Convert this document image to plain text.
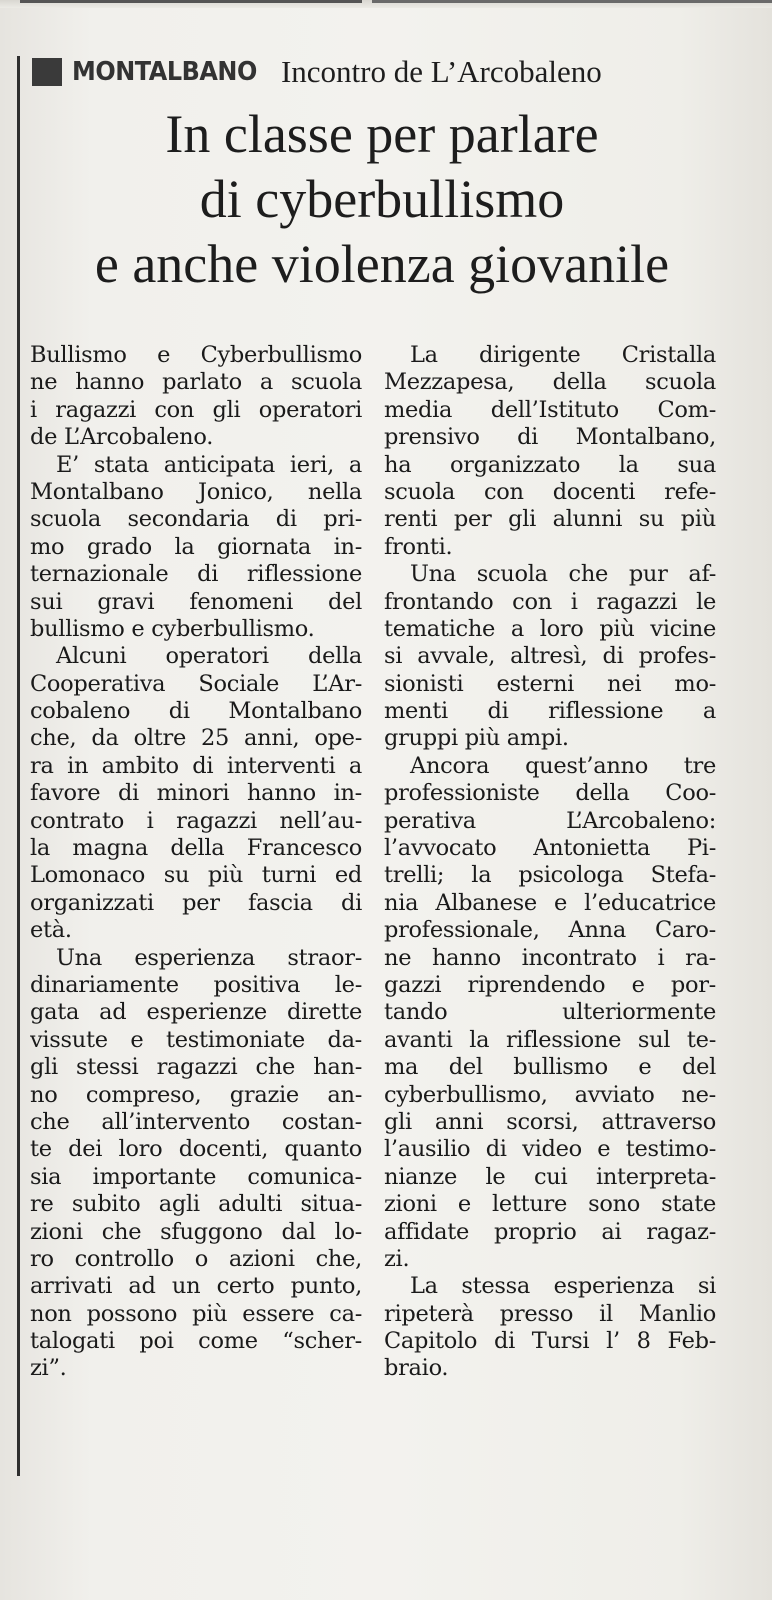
MONTALBANO Incontro de L’Arcobaleno
In classe per parlare
di cyberbullismo
e anche violenza giovanile
Bullismo e Cyberbullismo
ne hanno parlato a scuola
i ragazzi con gli operatori
de L’Arcobaleno.
E’ stata anticipata ieri, a
Montalbano Jonico, nella
scuola secondaria di pri-
mo grado la giornata in-
ternazionale di riflessione
sui gravi fenomeni del
bullismo e cyberbullismo.
Alcuni operatori della
Cooperativa Sociale L’Ar-
cobaleno di Montalbano
che, da oltre 25 anni, ope-
ra in ambito di interventi a
favore di minori hanno in-
contrato i ragazzi nell’au-
la magna della Francesco
Lomonaco su più turni ed
organizzati per fascia di
età.
Una esperienza straor-
dinariamente positiva le-
gata ad esperienze dirette
vissute e testimoniate da-
gli stessi ragazzi che han-
no compreso, grazie an-
che all’intervento costan-
te dei loro docenti, quanto
sia importante comunica-
re subito agli adulti situa-
zioni che sfuggono dal lo-
ro controllo o azioni che,
arrivati ad un certo punto,
non possono più essere ca-
talogati poi come “scher-
zi”.
La dirigente Cristalla
Mezzapesa, della scuola
media dell’Istituto Com-
prensivo di Montalbano,
ha organizzato la sua
scuola con docenti refe-
renti per gli alunni su più
fronti.
Una scuola che pur af-
frontando con i ragazzi le
tematiche a loro più vicine
si avvale, altresì, di profes-
sionisti esterni nei mo-
menti di riflessione a
gruppi più ampi.
Ancora quest’anno tre
professioniste della Coo-
perativa L’Arcobaleno:
l’avvocato Antonietta Pi-
trelli; la psicologa Stefa-
nia Albanese e l’educatrice
professionale, Anna Caro-
ne hanno incontrato i ra-
gazzi riprendendo e por-
tando ulteriormente
avanti la riflessione sul te-
ma del bullismo e del
cyberbullismo, avviato ne-
gli anni scorsi, attraverso
l’ausilio di video e testimo-
nianze le cui interpreta-
zioni e letture sono state
affidate proprio ai ragaz-
zi.
La stessa esperienza si
ripeterà presso il Manlio
Capitolo di Tursi l’ 8 Feb-
braio.
